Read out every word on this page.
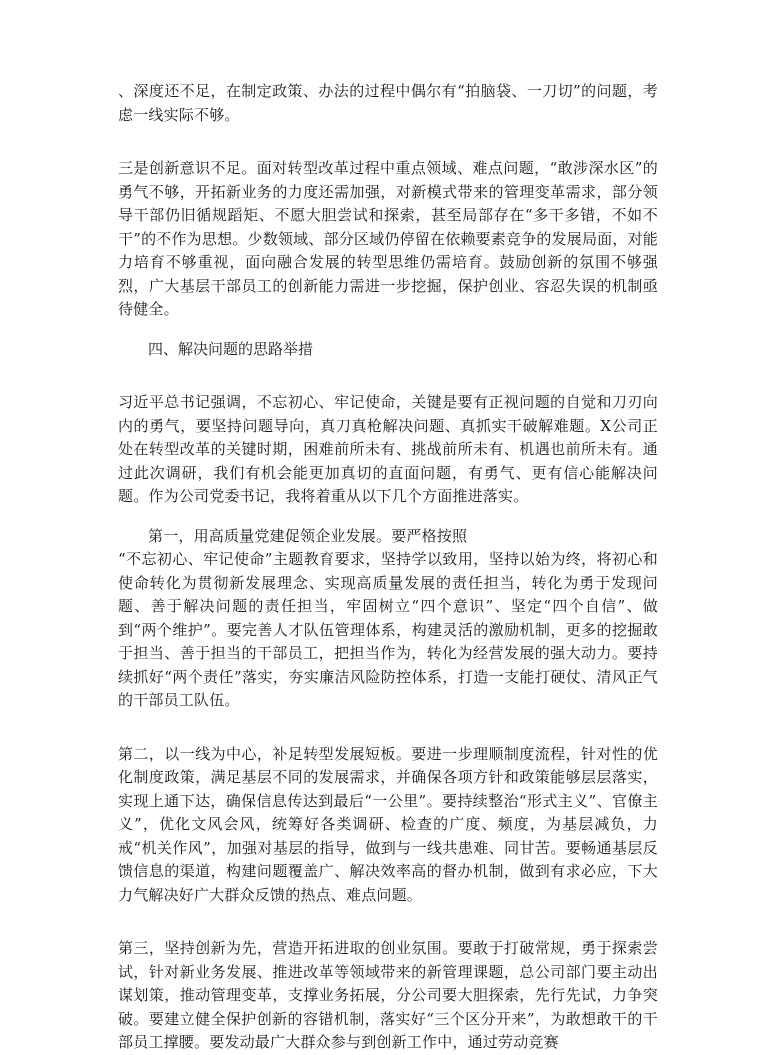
、深度还不足，在制定政策、办法的过程中偶尔有“拍脑袋、一刀切”的问题，考虑一线实际不够。

三是创新意识不足。面对转型改革过程中重点领域、难点问题，“敢涉深水区”的勇气不够，开拓新业务的力度还需加强，对新模式带来的管理变革需求，部分领导干部仍旧循规蹈矩、不愿大胆尝试和探索，甚至局部存在“多干多错，不如不干”的不作为思想。少数领域、部分区域仍停留在依赖要素竞争的发展局面，对能力培育不够重视，面向融合发展的转型思维仍需培育。鼓励创新的氛围不够强烈，广大基层干部员工的创新能力需进一步挖掘，保护创业、容忍失误的机制亟待健全。

四、解决问题的思路举措

习近平总书记强调，不忘初心、牢记使命，关键是要有正视问题的自觉和刀刃向内的勇气，要坚持问题导向，真刀真枪解决问题、真抓实干破解难题。X公司正处在转型改革的关键时期，困难前所未有、挑战前所未有、机遇也前所未有。通过此次调研，我们有机会能更加真切的直面问题，有勇气、更有信心能解决问题。作为公司党委书记，我将着重从以下几个方面推进落实。

第一，用高质量党建促领企业发展。要严格按照

“不忘初心、牢记使命”主题教育要求，坚持学以致用，坚持以始为终，将初心和使命转化为贯彻新发展理念、实现高质量发展的责任担当，转化为勇于发现问题、善于解决问题的责任担当，牢固树立“四个意识”、坚定“四个自信”、做到“两个维护”。要完善人才队伍管理体系，构建灵活的激励机制，更多的挖掘敢于担当、善于担当的干部员工，把担当作为，转化为经营发展的强大动力。要持续抓好“两个责任”落实，夯实廉洁风险防控体系，打造一支能打硬仗、清风正气的干部员工队伍。

第二，以一线为中心，补足转型发展短板。要进一步理顺制度流程，针对性的优化制度政策，满足基层不同的发展需求，并确保各项方针和政策能够层层落实，实现上通下达，确保信息传达到最后“一公里”。要持续整治“形式主义”、官僚主义”，优化文风会风，统筹好各类调研、检查的广度、频度，为基层减负，力戒“机关作风”，加强对基层的指导，做到与一线共患难、同甘苦。要畅通基层反馈信息的渠道，构建问题覆盖广、解决效率高的督办机制，做到有求必应，下大力气解决好广大群众反馈的热点、难点问题。

第三，坚持创新为先，营造开拓进取的创业氛围。要敢于打破常规，勇于探索尝试，针对新业务发展、推进改革等领域带来的新管理课题，总公司部门要主动出谋划策，推动管理变革，支撑业务拓展，分公司要大胆探索，先行先试，力争突破。要建立健全保护创新的容错机制，落实好“三个区分开来”，为敢想敢干的干部员工撑腰。要发动最广大群众参与到创新工作中，通过劳动竞赛
